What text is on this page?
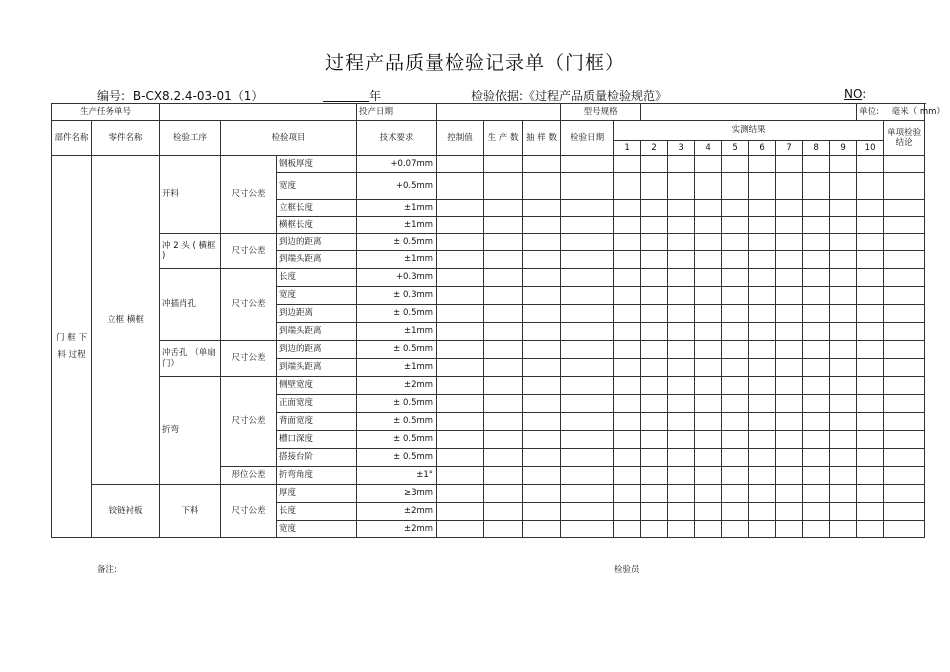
过程产品质量检验记录单（门框）
编号: B-CX8.2.4-03-01（1）	年	检验依据:《过程产品质量检验规范》	NO:
生产任务单号					投产日期				型号规格										单位: 毫米（ mm）	
部件名称	零件名称	检验工序	检验项目		技术要求	控制值	生 产 数	抽 样 数	检验日期	实测结果										单项检验结论
										1	2	3	4	5	6	7	8	9	10	
门 框 下 料 过程	立框 横框	开料	尺寸公差	钢板厚度	+0.07mm															
				宽度	+0.5mm															
				立框长度	±1mm															
				横框长度	±1mm															
		冲 2 头 ( 横框 )	尺寸公差	到边的距离	± 0.5mm															
				到端头距离	±1mm															
		冲插肖孔	尺寸公差	长度	+0.3mm															
				宽度	± 0.3mm															
				到边距离	± 0.5mm															
				到端头距离	±1mm															
		冲舌孔 （单扇门）	尺寸公差	到边的距离	± 0.5mm															
				到端头距离	±1mm															
		折弯	尺寸公差	侧壁宽度	±2mm															
				正面宽度	± 0.5mm															
				背面宽度	± 0.5mm															
				槽口深度	± 0.5mm															
				搭接台阶	± 0.5mm															
			形位公差	折弯角度	±1°															
	铰链衬板	下料	尺寸公差	厚度	≥3mm															
				长度	±2mm															
				宽度	±2mm															
备注:	检验员
